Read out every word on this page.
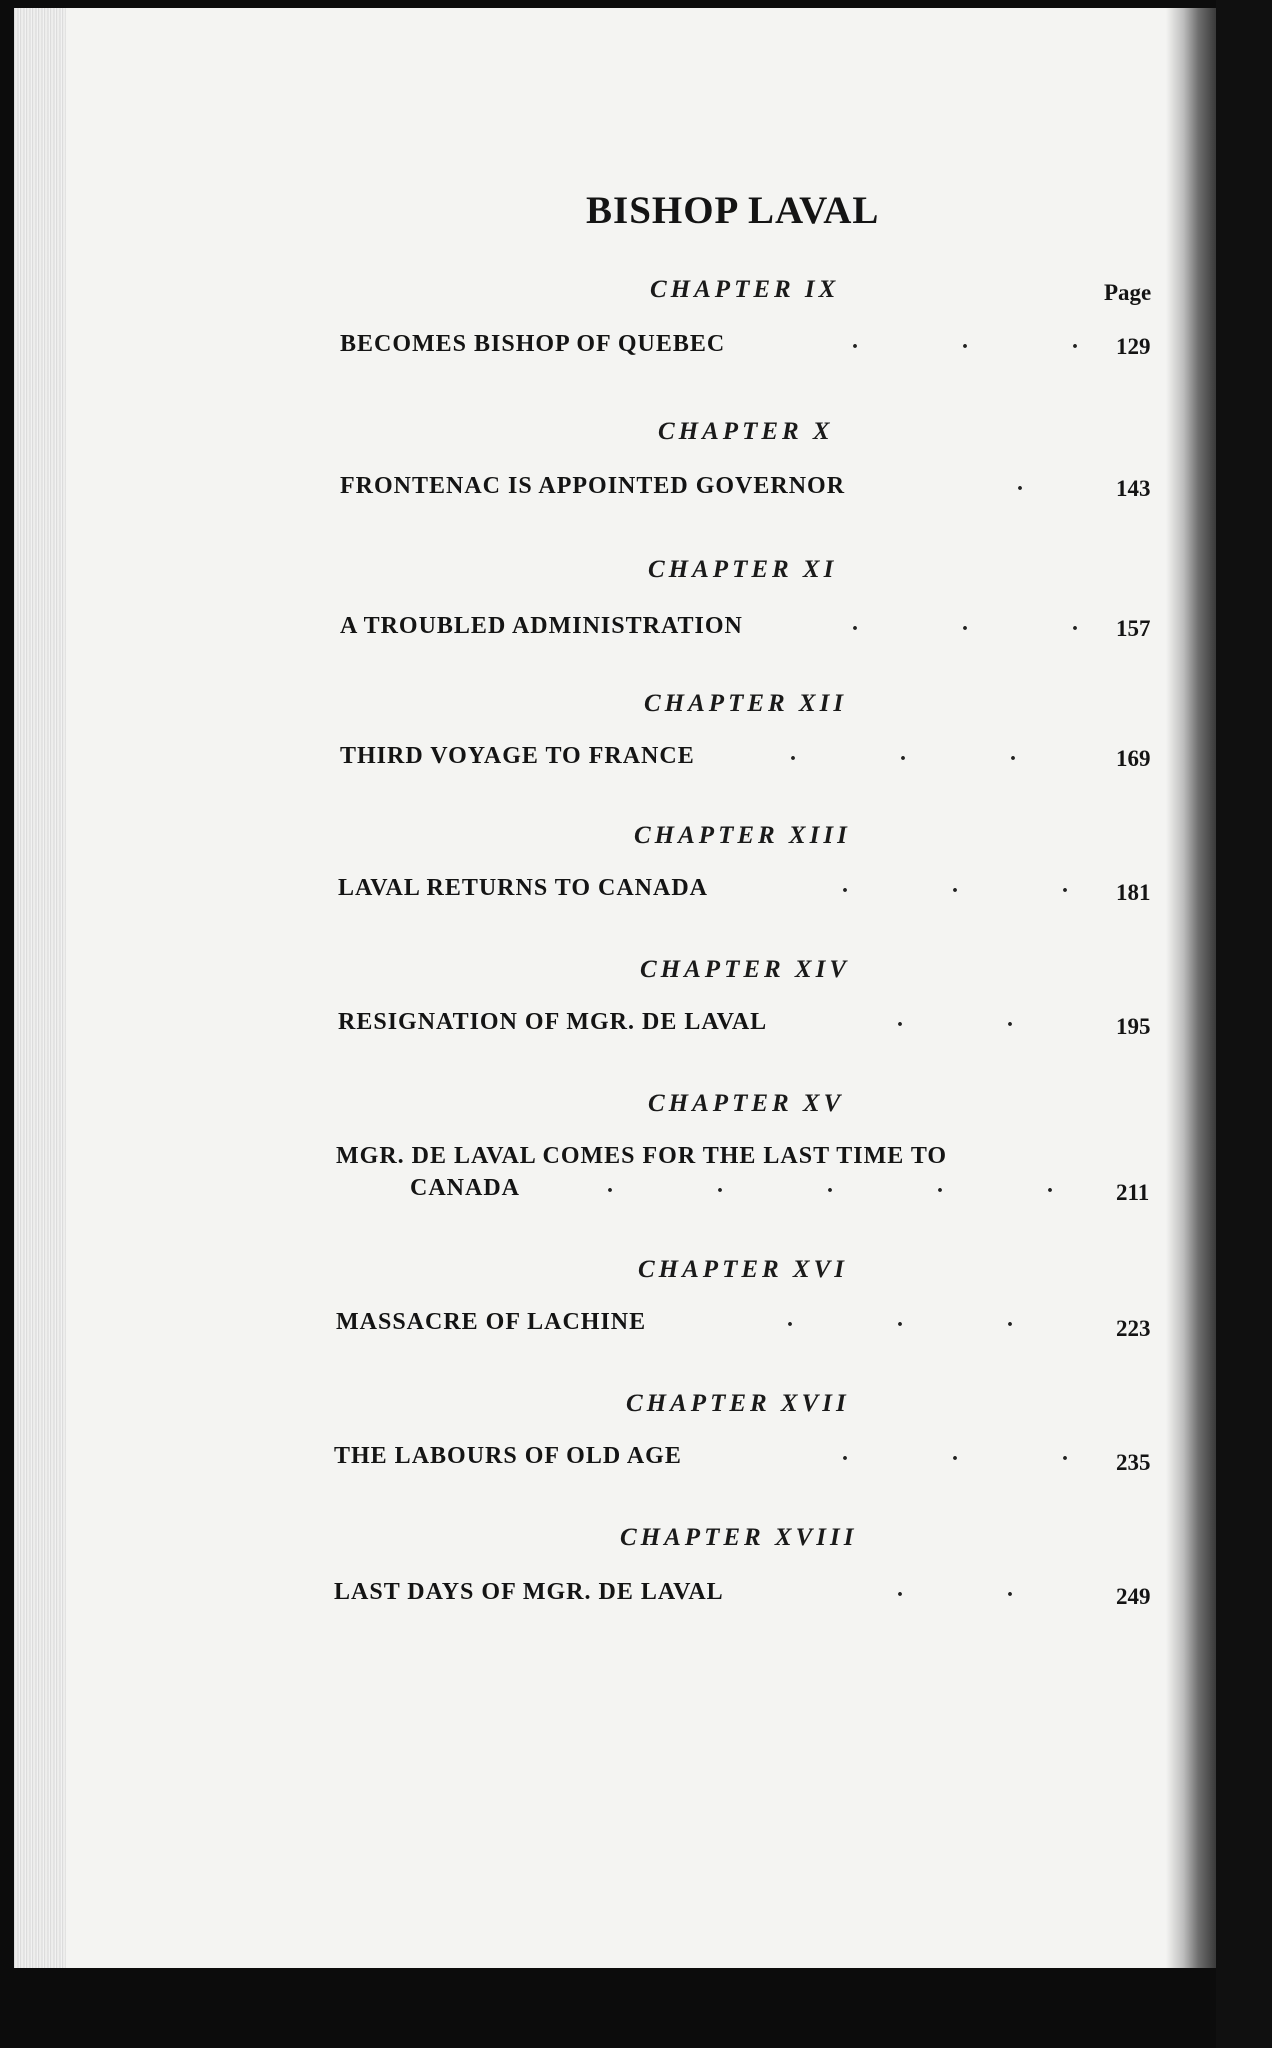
BISHOP LAVAL
Page
CHAPTER IX
BECOMES BISHOP OF QUEBEC	.	.	.	129
CHAPTER X
FRONTENAC IS APPOINTED GOVERNOR	.	143
CHAPTER XI
A TROUBLED ADMINISTRATION	.	.	.	157
CHAPTER XII
THIRD VOYAGE TO FRANCE	.	.	.	169
CHAPTER XIII
LAVAL RETURNS TO CANADA	.	.	.	181
CHAPTER XIV
RESIGNATION OF MGR. DE LAVAL	.	.	195
CHAPTER XV
MGR. DE LAVAL COMES FOR THE LAST TIME TO
CANADA	.	.	.	.	.	211
CHAPTER XVI
MASSACRE OF LACHINE	.	.	.	223
CHAPTER XVII
THE LABOURS OF OLD AGE	.	.	.	235
CHAPTER XVIII
LAST DAYS OF MGR. DE LAVAL	.	.	249
